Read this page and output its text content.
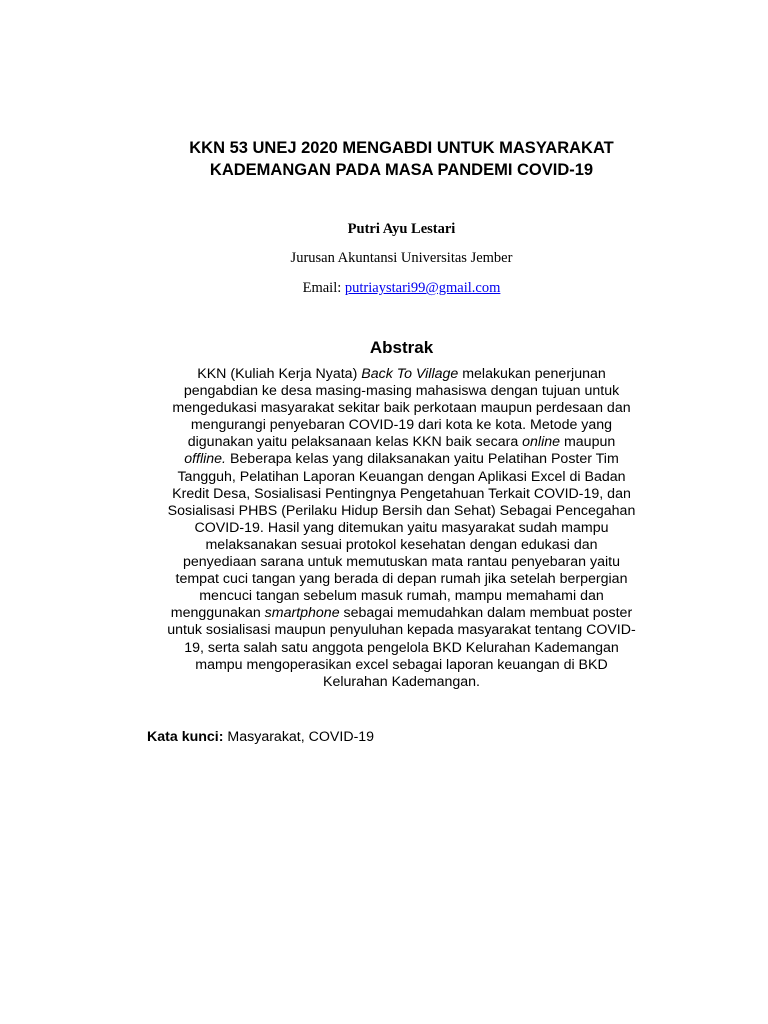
KKN 53 UNEJ 2020 MENGABDI UNTUK MASYARAKAT
KADEMANGAN PADA MASA PANDEMI COVID-19
Putri Ayu Lestari
Jurusan Akuntansi Universitas Jember
Email: putriaystari99@gmail.com
Abstrak
KKN (Kuliah Kerja Nyata) Back To Village melakukan penerjunan
pengabdian ke desa masing-masing mahasiswa dengan tujuan untuk
mengedukasi masyarakat sekitar baik perkotaan maupun perdesaan dan
mengurangi penyebaran COVID-19 dari kota ke kota. Metode yang
digunakan yaitu pelaksanaan kelas KKN baik secara online maupun
offline. Beberapa kelas yang dilaksanakan yaitu Pelatihan Poster Tim
Tangguh, Pelatihan Laporan Keuangan dengan Aplikasi Excel di Badan
Kredit Desa, Sosialisasi Pentingnya Pengetahuan Terkait COVID-19, dan
Sosialisasi PHBS (Perilaku Hidup Bersih dan Sehat) Sebagai Pencegahan
COVID-19. Hasil yang ditemukan yaitu masyarakat sudah mampu
melaksanakan sesuai protokol kesehatan dengan edukasi dan
penyediaan sarana untuk memutuskan mata rantau penyebaran yaitu
tempat cuci tangan yang berada di depan rumah jika setelah berpergian
mencuci tangan sebelum masuk rumah, mampu memahami dan
menggunakan smartphone sebagai memudahkan dalam membuat poster
untuk sosialisasi maupun penyuluhan kepada masyarakat tentang COVID-
19, serta salah satu anggota pengelola BKD Kelurahan Kademangan
mampu mengoperasikan excel sebagai laporan keuangan di BKD
Kelurahan Kademangan.
Kata kunci: Masyarakat, COVID-19
